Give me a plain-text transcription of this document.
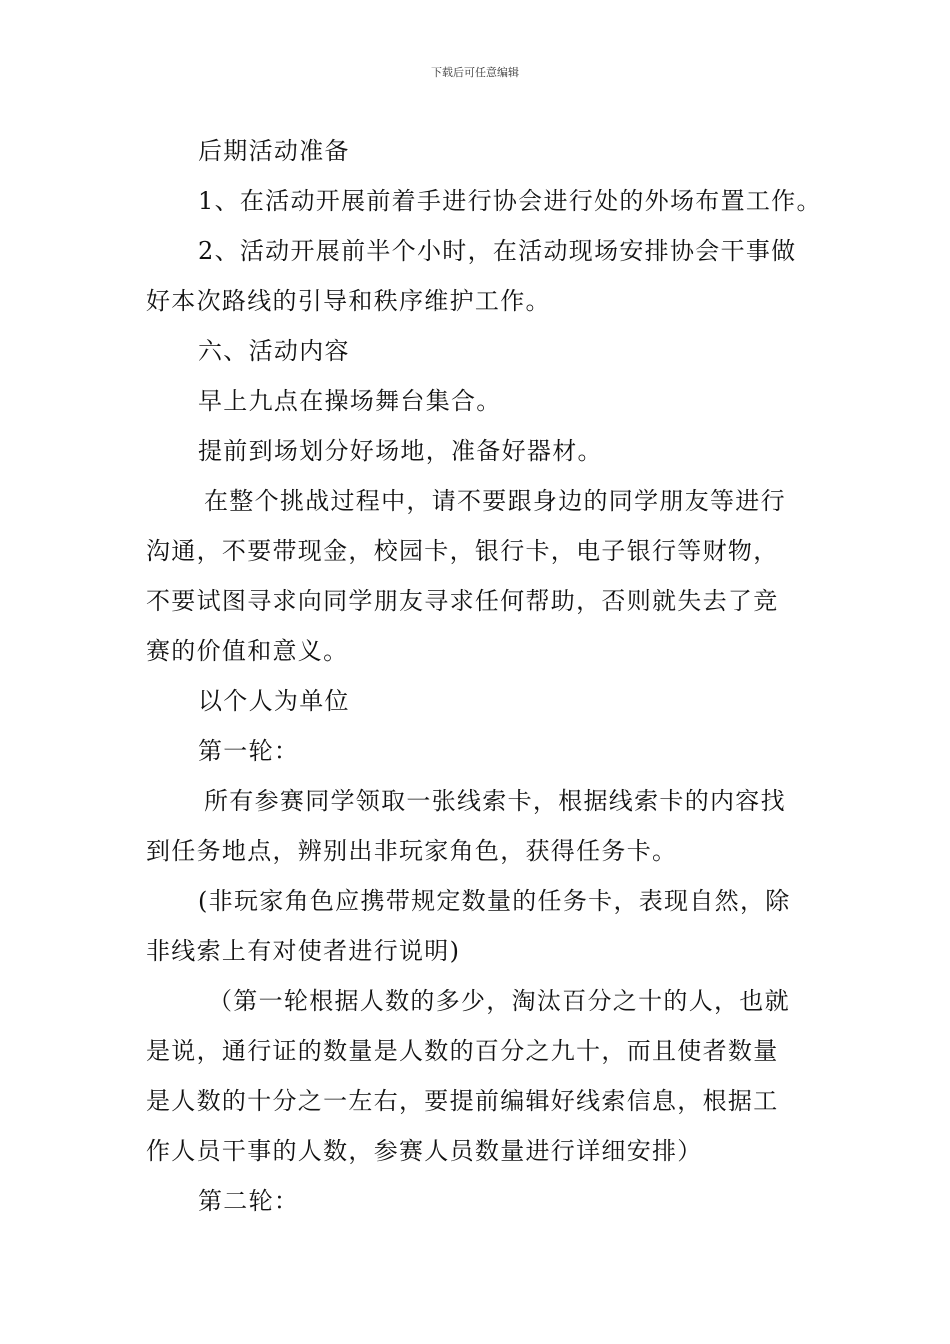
下载后可任意编辑

后期活动准备

1、在活动开展前着手进行协会进行处的外场布置工作。

2、活动开展前半个小时，在活动现场安排协会干事做

好本次路线的引导和秩序维护工作。

六、活动内容

早上九点在操场舞台集合。

提前到场划分好场地，准备好器材。

在整个挑战过程中，请不要跟身边的同学朋友等进行

沟通，不要带现金，校园卡，银行卡，电子银行等财物，

不要试图寻求向同学朋友寻求任何帮助，否则就失去了竞

赛的价值和意义。

以个人为单位

第一轮：

所有参赛同学领取一张线索卡，根据线索卡的内容找

到任务地点，辨别出非玩家角色，获得任务卡。

(非玩家角色应携带规定数量的任务卡，表现自然，除

非线索上有对使者进行说明)

（第一轮根据人数的多少，淘汰百分之十的人，也就

是说，通行证的数量是人数的百分之九十，而且使者数量

是人数的十分之一左右，要提前编辑好线索信息，根据工

作人员干事的人数，参赛人员数量进行详细安排）

第二轮：
